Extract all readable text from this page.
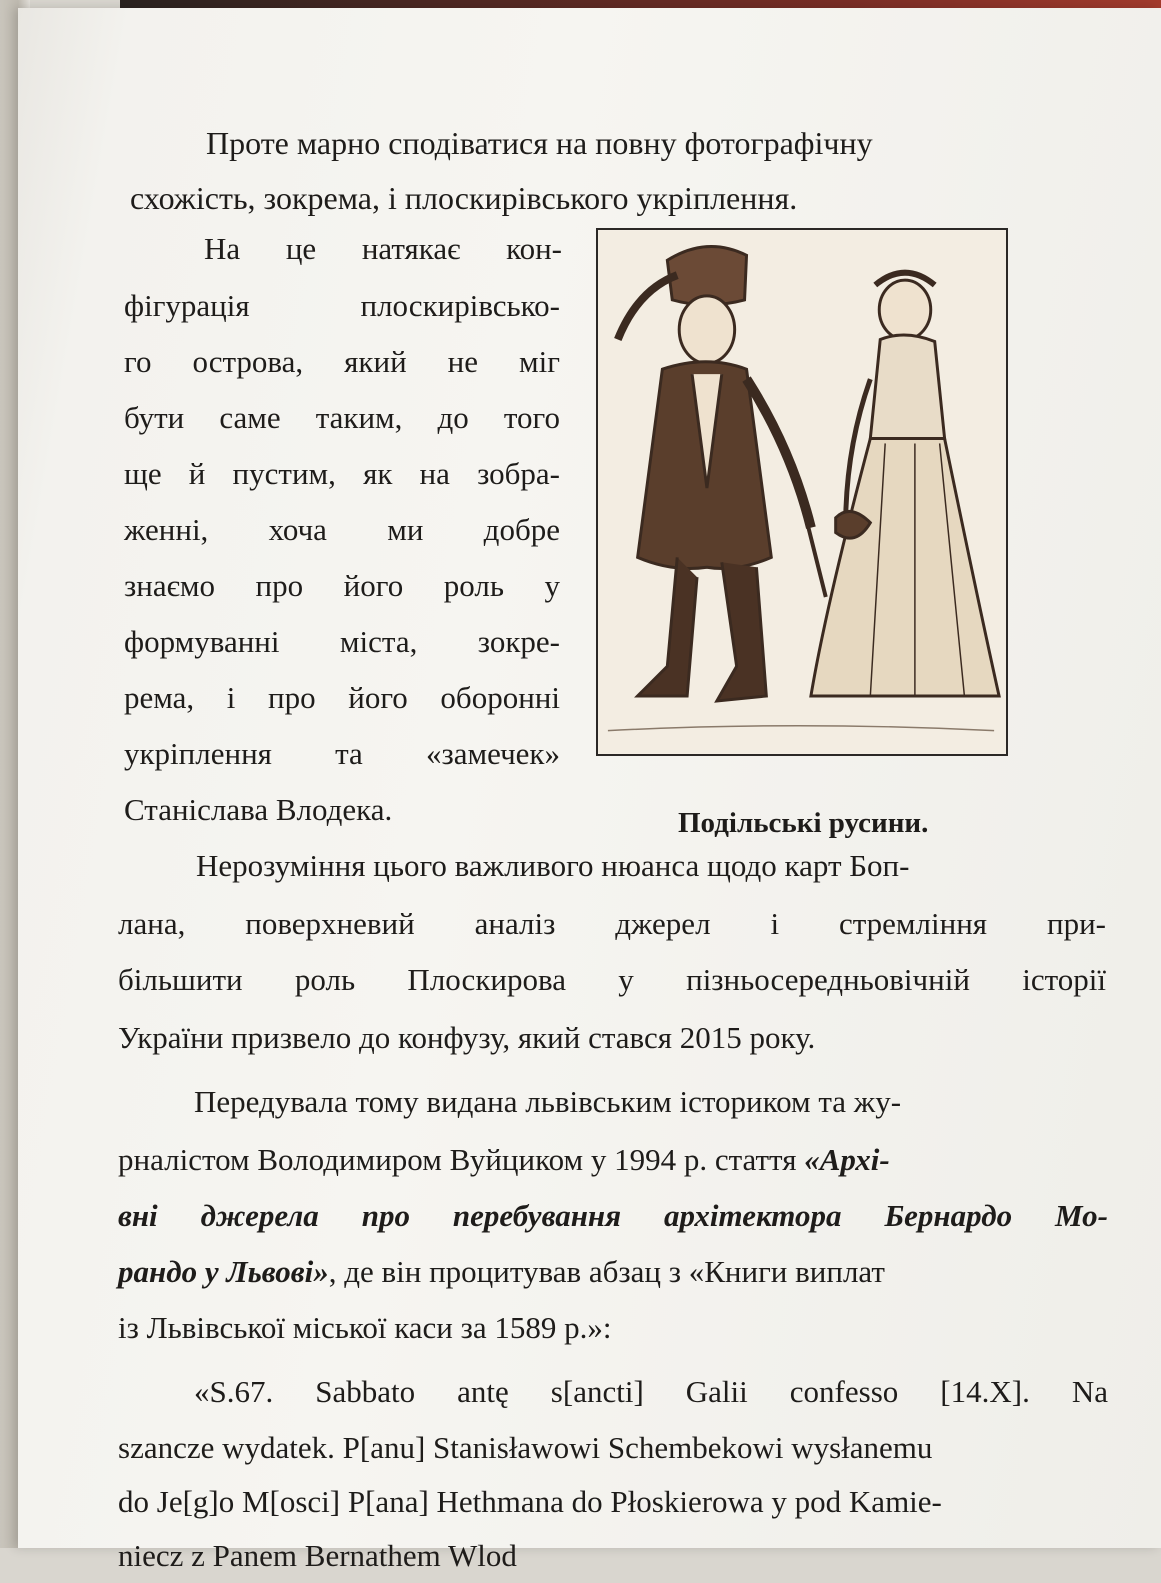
Проте марно сподіватися на повну фотографічну
схожість, зокрема, і плоскирівського укріплення.
На це натякає кон-
фігурація плоскирівсько-
го острова, який не міг
бути саме таким, до того
ще й пустим, як на зобра-
женні, хоча ми добре
знаємо про його роль у
формуванні міста, зокре-
рема, і про його оборонні
укріплення та «замечек»
Станіслава Влодека.	Подільські русини.
Нерозуміння цього важливого нюанса щодо карт Боп-
лана, поверхневий аналіз джерел і стремління при-
більшити роль Плоскирова у пізньосередньовічній історії
України призвело до конфузу, який стався 2015 року.
Передувала тому видана львівським істориком та жу-
рналістом Володимиром Вуйциком у 1994 р. стаття «Архі-
вні джерела про перебування архітектора Бернардо Мо-
рандо у Львові», де він процитував абзац з «Книги виплат
із Львівської міської каси за 1589 р.»:
«S.67. Sabbato antę s[ancti] Galii confesso [14.X]. Na
szancze wydatek. P[anu] Stanisławowi Schembekowi wysłanemu
do Je[g]o M[osci] P[ana] Hethmana do Płoskierowa y pod Kamie-
niecz z Panem Bernathem Wlod
